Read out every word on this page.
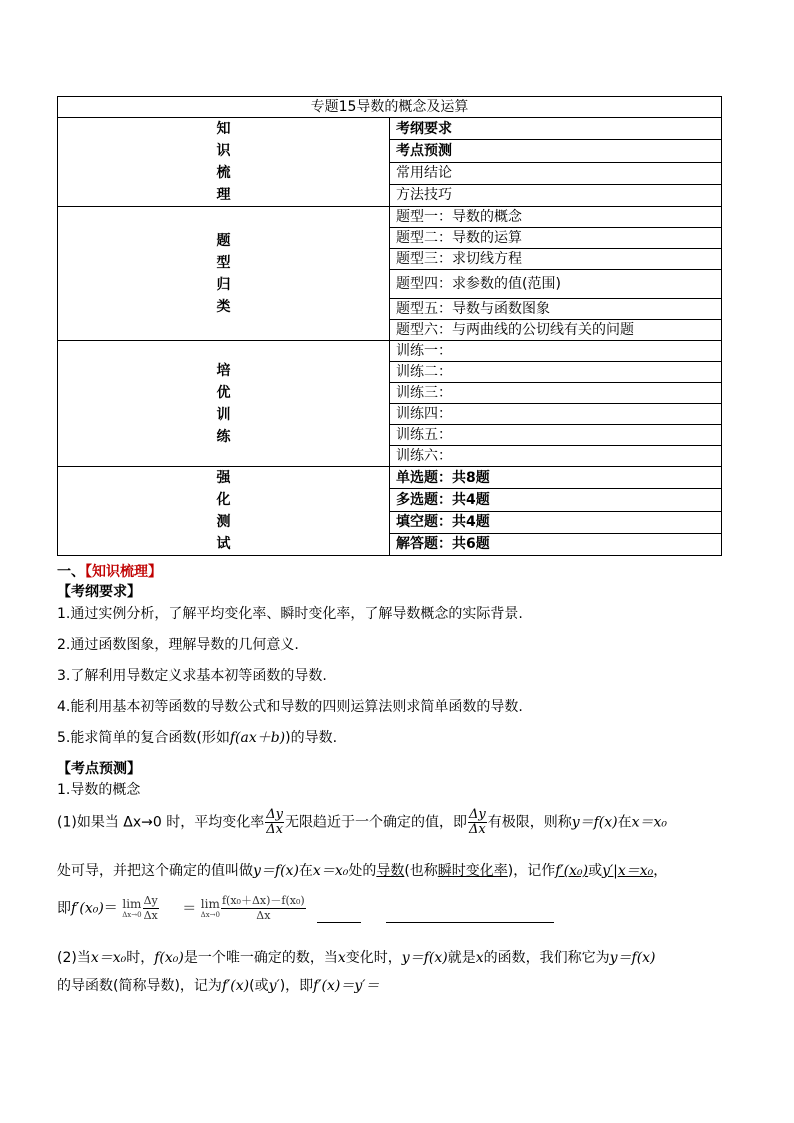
专题15导数的概念及运算	

知
识
梳
理	考纲要求
	考点预测
	常用结论
	方法技巧

题
型
归
类	题型一：导数的概念
	题型二：导数的运算
	题型三：求切线方程
	题型四：求参数的值(范围)
	题型五：导数与函数图象
	题型六：与两曲线的公切线有关的问题

培
优
训
练	训练一：
	训练二：
	训练三：
	训练四：
	训练五：
	训练六：

强
化
测
试	单选题：共8题
	多选题：共4题
	填空题：共4题
	解答题：共6题
一、【知识梳理】
【考纲要求】
1.通过实例分析，了解平均变化率、瞬时变化率，了解导数概念的实际背景.
2.通过函数图象，理解导数的几何意义.
3.了解利用导数定义求基本初等函数的导数.
4.能利用基本初等函数的导数公式和导数的四则运算法则求简单函数的导数.
5.能求简单的复合函数(形如f(ax＋b))的导数.
【考点预测】
1.导数的概念
(1)如果当 Δx→0 时，平均变化率 $\frac{\Delta y}{\Delta x}$ 无限趋近于一个确定的值，即 $\frac{\Delta y}{\Delta x}$ 有极限，则称y＝f(x)在x＝x₀
处可导，并把这个确定的值叫做y＝f(x)在x＝x₀处的导数(也称瞬时变化率)，记作f′(x₀)或y′|x＝x₀，
即f′(x₀)＝ lim
$\Delta x\to 0 \frac{\Delta y}{\Delta x} = \lim$
$\Delta x\to 0 \frac{\text{f(x₀＋Δx)－f(x₀)}}{\Delta x}$

(2)当x＝x₀时，f(x₀)是一个唯一确定的数，当x变化时，y＝f(x)就是x的函数，我们称它为y＝f(x)
的导函数(简称导数)，记为f′(x)(或y′)，即f′(x)＝y′＝
